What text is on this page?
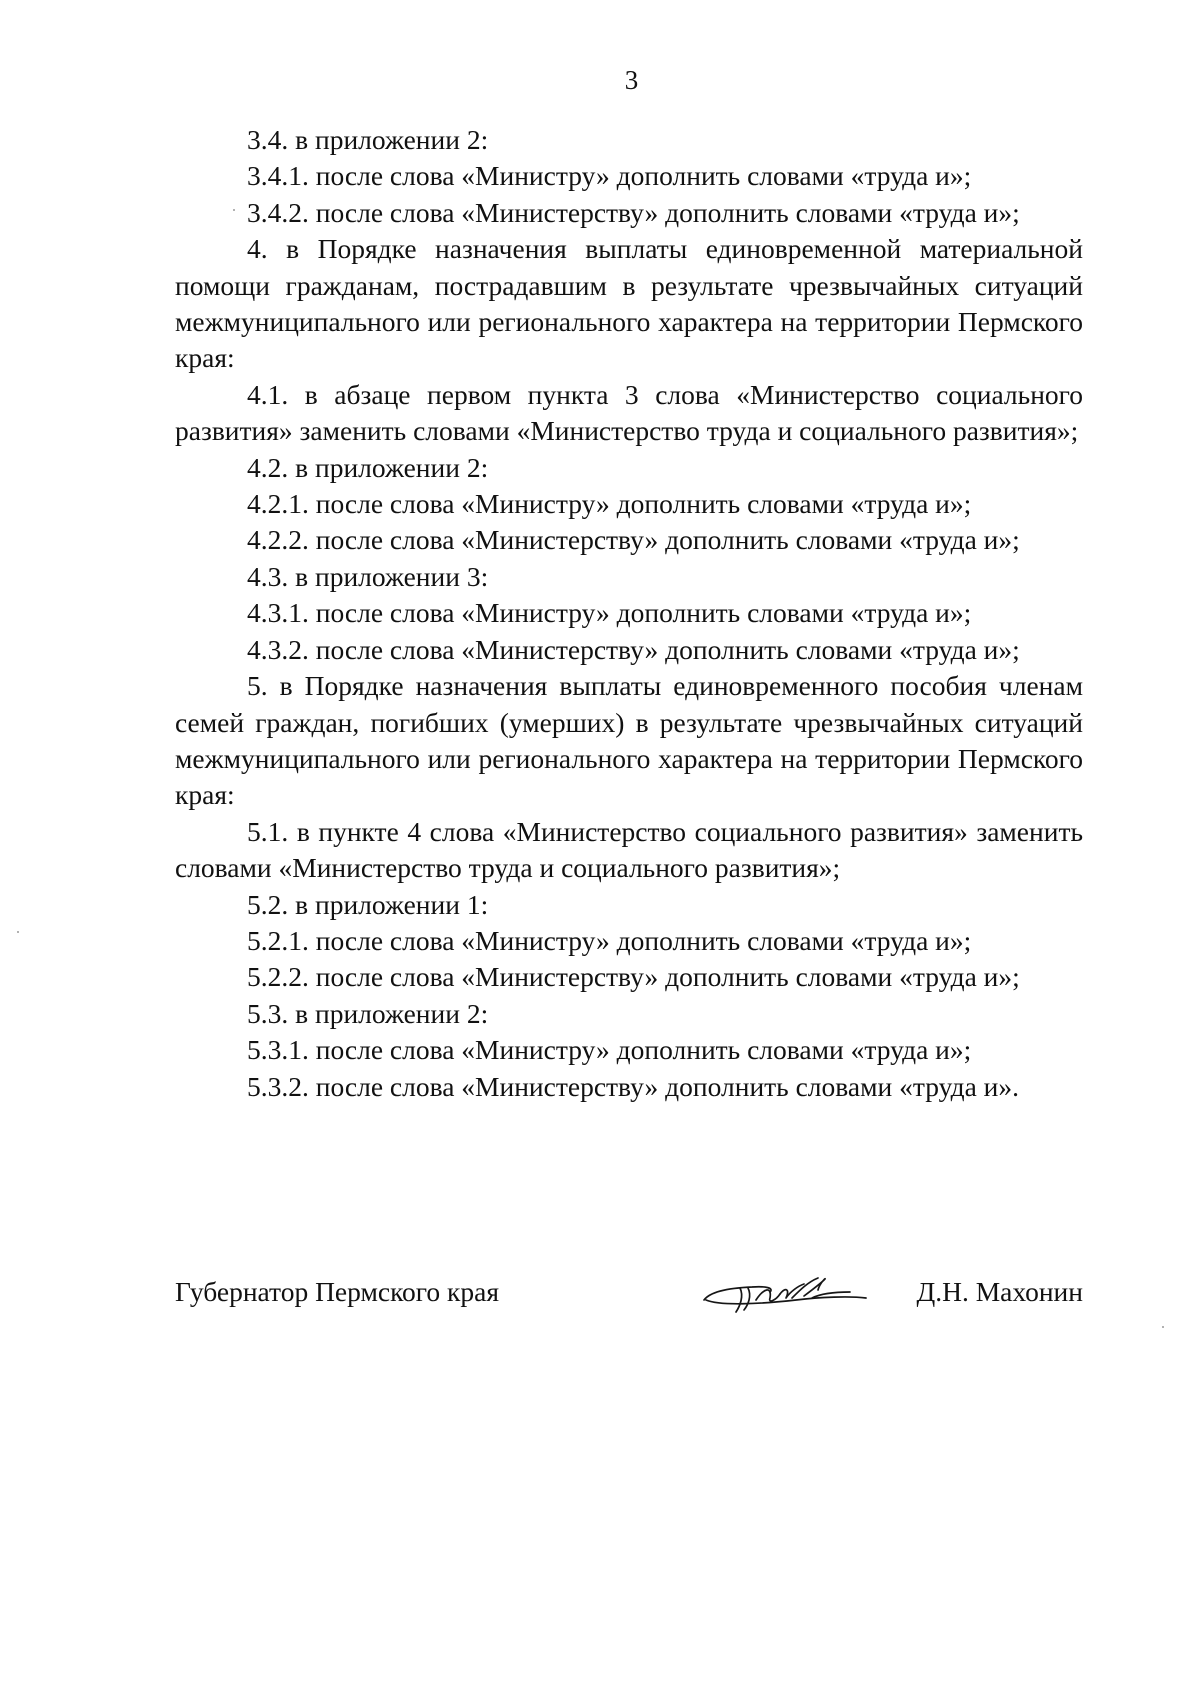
3

3.4. в приложении 2:

3.4.1. после слова «Министру» дополнить словами «труда и»;

3.4.2. после слова «Министерству» дополнить словами «труда и»;

4. в Порядке назначения выплаты единовременной материальной помощи гражданам, пострадавшим в результате чрезвычайных ситуаций межмуниципального или регионального характера на территории Пермского края:

4.1. в абзаце первом пункта 3 слова «Министерство социального развития» заменить словами «Министерство труда и социального развития»;

4.2. в приложении 2:

4.2.1. после слова «Министру» дополнить словами «труда и»;

4.2.2. после слова «Министерству» дополнить словами «труда и»;

4.3. в приложении 3:

4.3.1. после слова «Министру» дополнить словами «труда и»;

4.3.2. после слова «Министерству» дополнить словами «труда и»;

5. в Порядке назначения выплаты единовременного пособия членам семей граждан, погибших (умерших) в результате чрезвычайных ситуаций межмуниципального или регионального характера на территории Пермского края:

5.1. в пункте 4 слова «Министерство социального развития» заменить словами «Министерство труда и социального развития»;

5.2. в приложении 1:

5.2.1. после слова «Министру» дополнить словами «труда и»;

5.2.2. после слова «Министерству» дополнить словами «труда и»;

5.3. в приложении 2:

5.3.1. после слова «Министру» дополнить словами «труда и»;

5.3.2. после слова «Министерству» дополнить словами «труда и».

Губернатор Пермского края	Д.Н. Махонин
